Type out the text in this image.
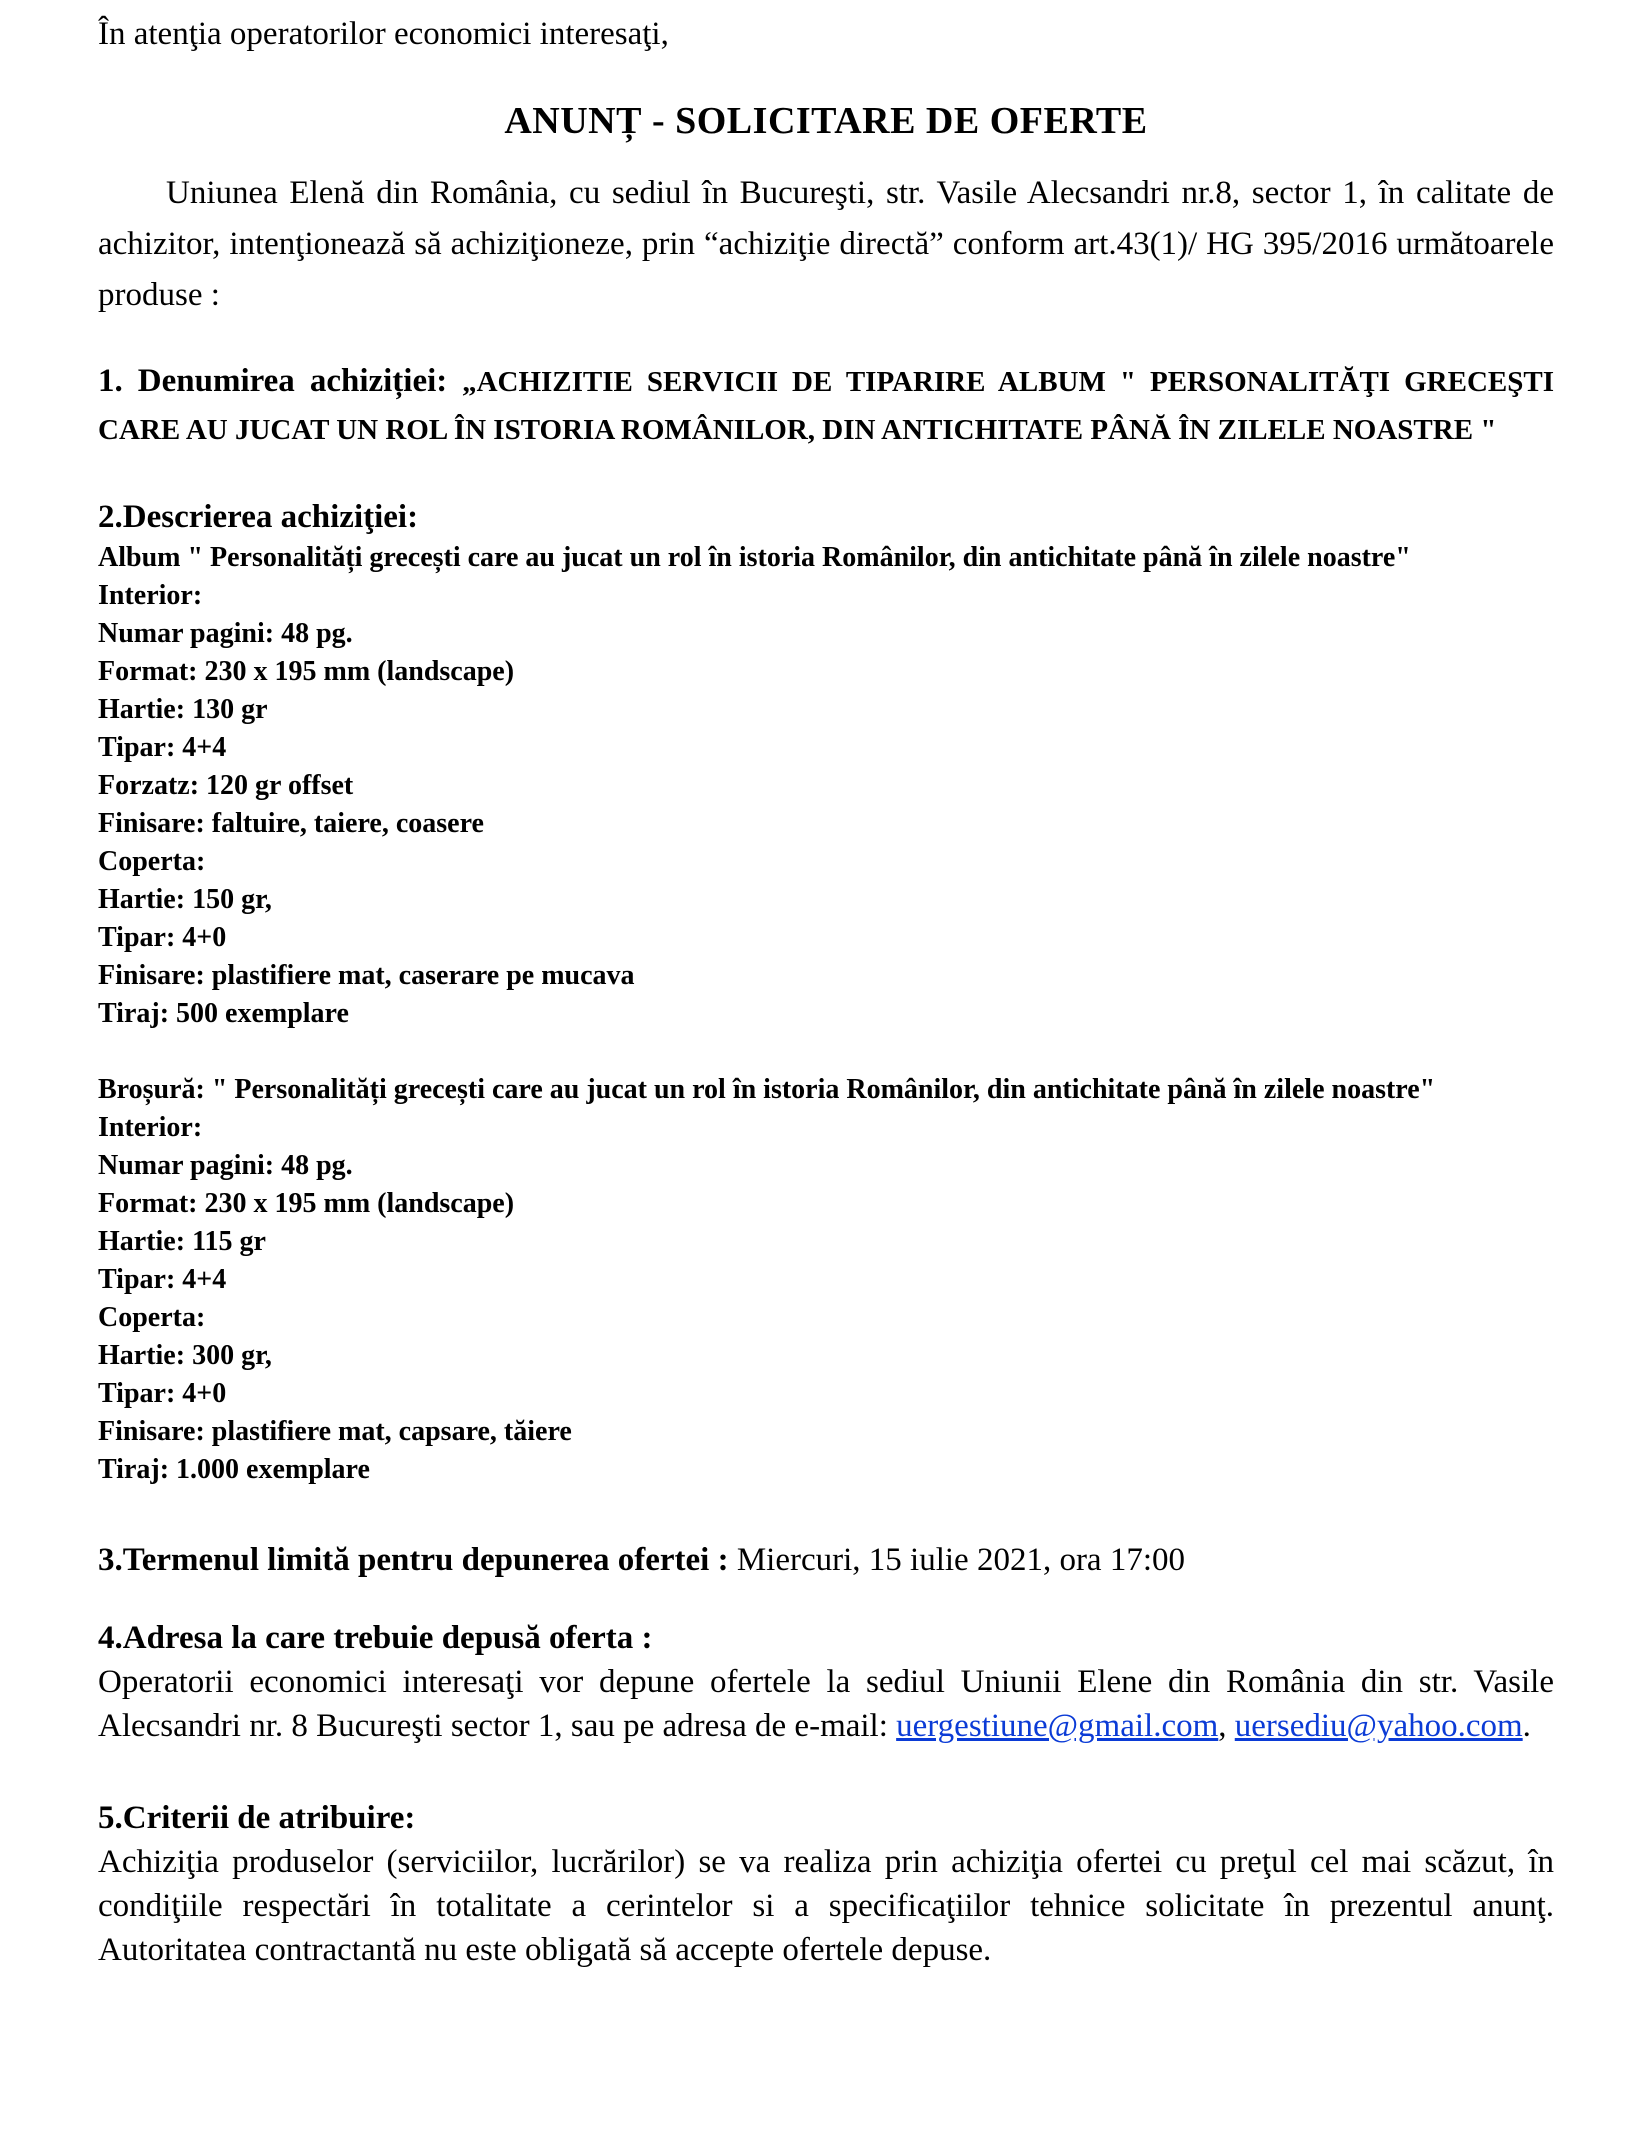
În atenţia operatorilor economici interesaţi,

ANUNȚ - SOLICITARE DE OFERTE

Uniunea Elenă din România, cu sediul în Bucureşti, str. Vasile Alecsandri nr.8, sector 1, în calitate de achizitor, intenţionează să achiziţioneze, prin “achiziţie directă” conform art.43(1)/ HG 395/2016 următoarele produse :

1. Denumirea achiziției: „ACHIZITIE SERVICII DE TIPARIRE ALBUM " PERSONALITĂŢI GRECEŞTI CARE AU JUCAT UN ROL ÎN ISTORIA ROMÂNILOR, DIN ANTICHITATE PÂNĂ ÎN ZILELE NOASTRE "

2.Descrierea achiziţiei:

Album " Personalități grecești care au jucat un rol în istoria Românilor, din antichitate până în zilele noastre"
Interior:
Numar pagini: 48 pg.
Format: 230 x 195 mm (landscape)
Hartie: 130 gr
Tipar: 4+4
Forzatz: 120 gr offset
Finisare: faltuire, taiere, coasere
Coperta:
Hartie: 150 gr,
Tipar: 4+0
Finisare: plastifiere mat, caserare pe mucava
Tiraj: 500 exemplare
Broșură: " Personalități grecești care au jucat un rol în istoria Românilor, din antichitate până în zilele noastre"
Interior:
Numar pagini: 48 pg.
Format: 230 x 195 mm (landscape)
Hartie: 115 gr
Tipar: 4+4
Coperta:
Hartie: 300 gr,
Tipar: 4+0
Finisare: plastifiere mat, capsare, tăiere
Tiraj: 1.000 exemplare

3.Termenul limită pentru depunerea ofertei : Miercuri, 15 iulie 2021, ora 17:00

4.Adresa la care trebuie depusă oferta :

Operatorii economici interesaţi vor depune ofertele la sediul Uniunii Elene din România din str. Vasile Alecsandri nr. 8 Bucureşti sector 1, sau pe adresa de e-mail: uergestiune@gmail.com, uersediu@yahoo.com.

5.Criterii de atribuire:

Achiziţia produselor (serviciilor, lucrărilor) se va realiza prin achiziţia ofertei cu preţul cel mai scăzut, în condiţiile respectări în totalitate a cerintelor si a specificaţiilor tehnice solicitate în prezentul anunţ. Autoritatea contractantă nu este obligată să accepte ofertele depuse.
